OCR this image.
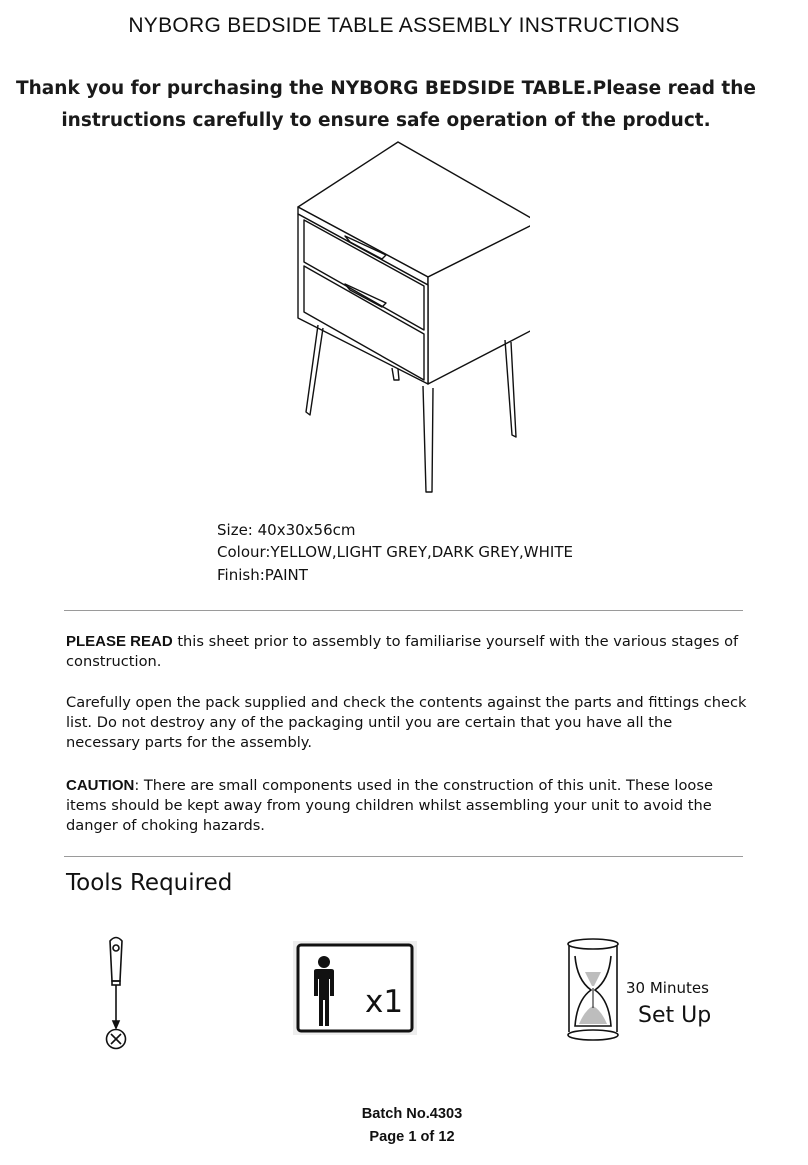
NYBORG BEDSIDE TABLE ASSEMBLY INSTRUCTIONS
Thank you for purchasing the NYBORG BEDSIDE TABLE.Please read the
instructions carefully to ensure safe operation of the product.
Size: 40x30x56cm
Colour:YELLOW,LIGHT GREY,DARK GREY,WHITE
Finish:PAINT
PLEASE READ this sheet prior to assembly to familiarise yourself with the various stages of construction.
Carefully open the pack supplied and check the contents against the parts and fittings check list. Do not destroy any of the packaging until you are certain that you have all the necessary parts for the assembly.
CAUTION: There are small components used in the construction of this unit. These loose items should be kept away from young children whilst assembling your unit to avoid the danger of choking hazards.
Tools Required
x1	30 Minutes
Set Up
Batch No.4303
Page 1 of 12
